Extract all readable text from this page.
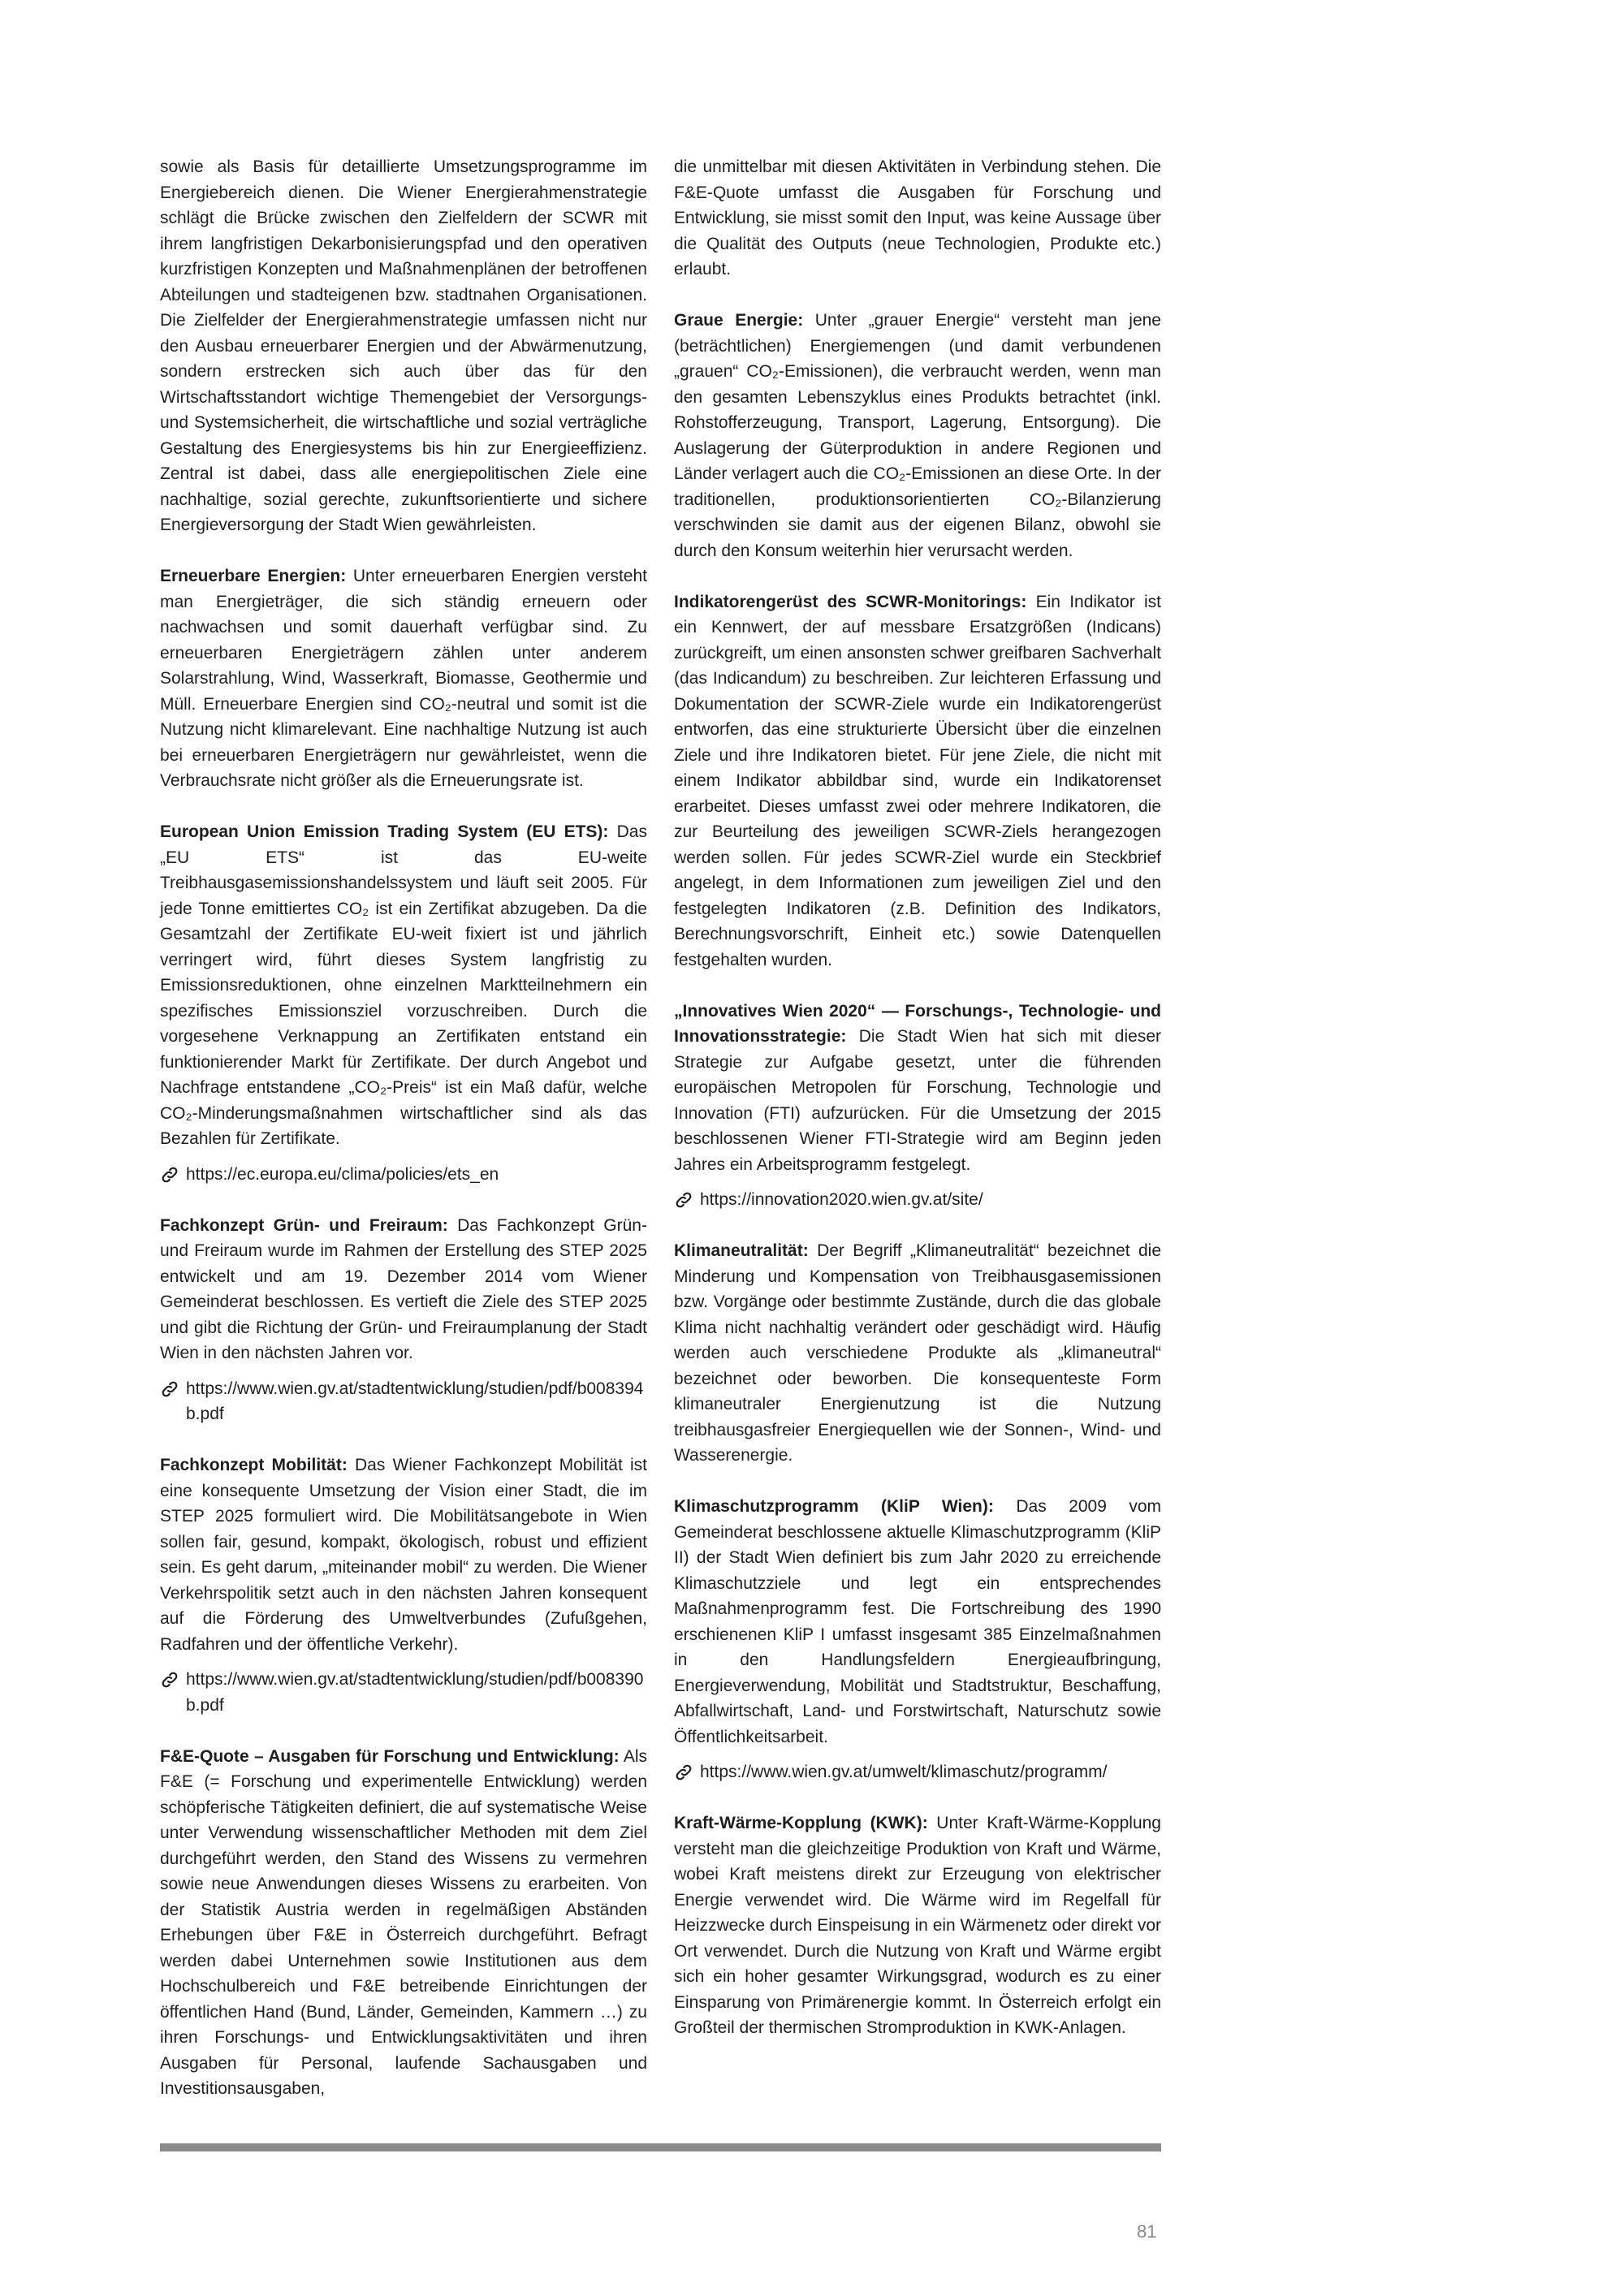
sowie als Basis für detaillierte Umsetzungsprogramme im Energiebereich dienen. Die Wiener Energierahmenstrategie schlägt die Brücke zwischen den Zielfeldern der SCWR mit ihrem langfristigen Dekarbonisierungspfad und den operativen kurzfristigen Konzepten und Maßnahmenplänen der betroffenen Abteilungen und stadteigenen bzw. stadtnahen Organisationen. Die Zielfelder der Energierahmenstrategie umfassen nicht nur den Ausbau erneuerbarer Energien und der Abwärmenutzung, sondern erstrecken sich auch über das für den Wirtschaftsstandort wichtige Themengebiet der Versorgungs- und Systemsicherheit, die wirtschaftliche und sozial verträgliche Gestaltung des Energiesystems bis hin zur Energieeffizienz. Zentral ist dabei, dass alle energiepolitischen Ziele eine nachhaltige, sozial gerechte, zukunftsorientierte und sichere Energieversorgung der Stadt Wien gewährleisten.

Erneuerbare Energien: Unter erneuerbaren Energien versteht man Energieträger, die sich ständig erneuern oder nachwachsen und somit dauerhaft verfügbar sind. Zu erneuerbaren Energieträgern zählen unter anderem Solarstrahlung, Wind, Wasserkraft, Biomasse, Geothermie und Müll. Erneuerbare Energien sind CO₂-neutral und somit ist die Nutzung nicht klimarelevant. Eine nachhaltige Nutzung ist auch bei erneuerbaren Energieträgern nur gewährleistet, wenn die Verbrauchsrate nicht größer als die Erneuerungsrate ist.

European Union Emission Trading System (EU ETS): Das „EU ETS“ ist das EU-weite Treibhausgasemissionshandelssystem und läuft seit 2005. Für jede Tonne emittiertes CO₂ ist ein Zertifikat abzugeben. Da die Gesamtzahl der Zertifikate EU-weit fixiert ist und jährlich verringert wird, führt dieses System langfristig zu Emissionsreduktionen, ohne einzelnen Marktteilnehmern ein spezifisches Emissionsziel vorzuschreiben. Durch die vorgesehene Verknappung an Zertifikaten entstand ein funktionierender Markt für Zertifikate. Der durch Angebot und Nachfrage entstandene „CO₂-Preis“ ist ein Maß dafür, welche CO₂-Minderungsmaßnahmen wirtschaftlicher sind als das Bezahlen für Zertifikate.

https://ec.europa.eu/clima/policies/ets_en

Fachkonzept Grün- und Freiraum: Das Fachkonzept Grün- und Freiraum wurde im Rahmen der Erstellung des STEP 2025 entwickelt und am 19. Dezember 2014 vom Wiener Gemeinderat beschlossen. Es vertieft die Ziele des STEP 2025 und gibt die Richtung der Grün- und Freiraumplanung der Stadt Wien in den nächsten Jahren vor.

https://www.wien.gv.at/stadtentwicklung/studien/pdf/b008394b.pdf

Fachkonzept Mobilität: Das Wiener Fachkonzept Mobilität ist eine konsequente Umsetzung der Vision einer Stadt, die im STEP 2025 formuliert wird. Die Mobilitätsangebote in Wien sollen fair, gesund, kompakt, ökologisch, robust und effizient sein. Es geht darum, „miteinander mobil“ zu werden. Die Wiener Verkehrspolitik setzt auch in den nächsten Jahren konsequent auf die Förderung des Umweltverbundes (Zufußgehen, Radfahren und der öffentliche Verkehr).

https://www.wien.gv.at/stadtentwicklung/studien/pdf/b008390b.pdf

F&E-Quote – Ausgaben für Forschung und Entwicklung: Als F&E (= Forschung und experimentelle Entwicklung) werden schöpferische Tätigkeiten definiert, die auf systematische Weise unter Verwendung wissenschaftlicher Methoden mit dem Ziel durchgeführt werden, den Stand des Wissens zu vermehren sowie neue Anwendungen dieses Wissens zu erarbeiten. Von der Statistik Austria werden in regelmäßigen Abständen Erhebungen über F&E in Österreich durchgeführt. Befragt werden dabei Unternehmen sowie Institutionen aus dem Hochschulbereich und F&E betreibende Einrichtungen der öffentlichen Hand (Bund, Länder, Gemeinden, Kammern …) zu ihren Forschungs- und Entwicklungsaktivitäten und ihren Ausgaben für Personal, laufende Sachausgaben und Investitionsausgaben,

die unmittelbar mit diesen Aktivitäten in Verbindung stehen. Die F&E-Quote umfasst die Ausgaben für Forschung und Entwicklung, sie misst somit den Input, was keine Aussage über die Qualität des Outputs (neue Technologien, Produkte etc.) erlaubt.

Graue Energie: Unter „grauer Energie“ versteht man jene (beträchtlichen) Energiemengen (und damit verbundenen „grauen“ CO₂-Emissionen), die verbraucht werden, wenn man den gesamten Lebenszyklus eines Produkts betrachtet (inkl. Rohstofferzeugung, Transport, Lagerung, Entsorgung). Die Auslagerung der Güterproduktion in andere Regionen und Länder verlagert auch die CO₂-Emissionen an diese Orte. In der traditionellen, produktionsorientierten CO₂-Bilanzierung verschwinden sie damit aus der eigenen Bilanz, obwohl sie durch den Konsum weiterhin hier verursacht werden.

Indikatorengerüst des SCWR-Monitorings: Ein Indikator ist ein Kennwert, der auf messbare Ersatzgrößen (Indicans) zurückgreift, um einen ansonsten schwer greifbaren Sachverhalt (das Indicandum) zu beschreiben. Zur leichteren Erfassung und Dokumentation der SCWR-Ziele wurde ein Indikatorengerüst entworfen, das eine strukturierte Übersicht über die einzelnen Ziele und ihre Indikatoren bietet. Für jene Ziele, die nicht mit einem Indikator abbildbar sind, wurde ein Indikatorenset erarbeitet. Dieses umfasst zwei oder mehrere Indikatoren, die zur Beurteilung des jeweiligen SCWR-Ziels herangezogen werden sollen. Für jedes SCWR-Ziel wurde ein Steckbrief angelegt, in dem Informationen zum jeweiligen Ziel und den festgelegten Indikatoren (z.B. Definition des Indikators, Berechnungsvorschrift, Einheit etc.) sowie Datenquellen festgehalten wurden.

„Innovatives Wien 2020“ — Forschungs-, Technologie- und Innovationsstrategie: Die Stadt Wien hat sich mit dieser Strategie zur Aufgabe gesetzt, unter die führenden europäischen Metropolen für Forschung, Technologie und Innovation (FTI) aufzurücken. Für die Umsetzung der 2015 beschlossenen Wiener FTI-Strategie wird am Beginn jeden Jahres ein Arbeitsprogramm festgelegt.

https://innovation2020.wien.gv.at/site/

Klimaneutralität: Der Begriff „Klimaneutralität“ bezeichnet die Minderung und Kompensation von Treibhausgasemissionen bzw. Vorgänge oder bestimmte Zustände, durch die das globale Klima nicht nachhaltig verändert oder geschädigt wird. Häufig werden auch verschiedene Produkte als „klimaneutral“ bezeichnet oder beworben. Die konsequenteste Form klimaneutraler Energienutzung ist die Nutzung treibhausgasfreier Energiequellen wie der Sonnen-, Wind- und Wasserenergie.

Klimaschutzprogramm (KliP Wien): Das 2009 vom Gemeinderat beschlossene aktuelle Klimaschutzprogramm (KliP II) der Stadt Wien definiert bis zum Jahr 2020 zu erreichende Klimaschutzziele und legt ein entsprechendes Maßnahmenprogramm fest. Die Fortschreibung des 1990 erschienenen KliP I umfasst insgesamt 385 Einzelmaßnahmen in den Handlungsfeldern Energieaufbringung, Energieverwendung, Mobilität und Stadtstruktur, Beschaffung, Abfallwirtschaft, Land- und Forstwirtschaft, Naturschutz sowie Öffentlichkeitsarbeit.

https://www.wien.gv.at/umwelt/klimaschutz/programm/

Kraft-Wärme-Kopplung (KWK): Unter Kraft-Wärme-Kopplung versteht man die gleichzeitige Produktion von Kraft und Wärme, wobei Kraft meistens direkt zur Erzeugung von elektrischer Energie verwendet wird. Die Wärme wird im Regelfall für Heizzwecke durch Einspeisung in ein Wärmenetz oder direkt vor Ort verwendet. Durch die Nutzung von Kraft und Wärme ergibt sich ein hoher gesamter Wirkungsgrad, wodurch es zu einer Einsparung von Primärenergie kommt. In Österreich erfolgt ein Großteil der thermischen Stromproduktion in KWK-Anlagen.

81
